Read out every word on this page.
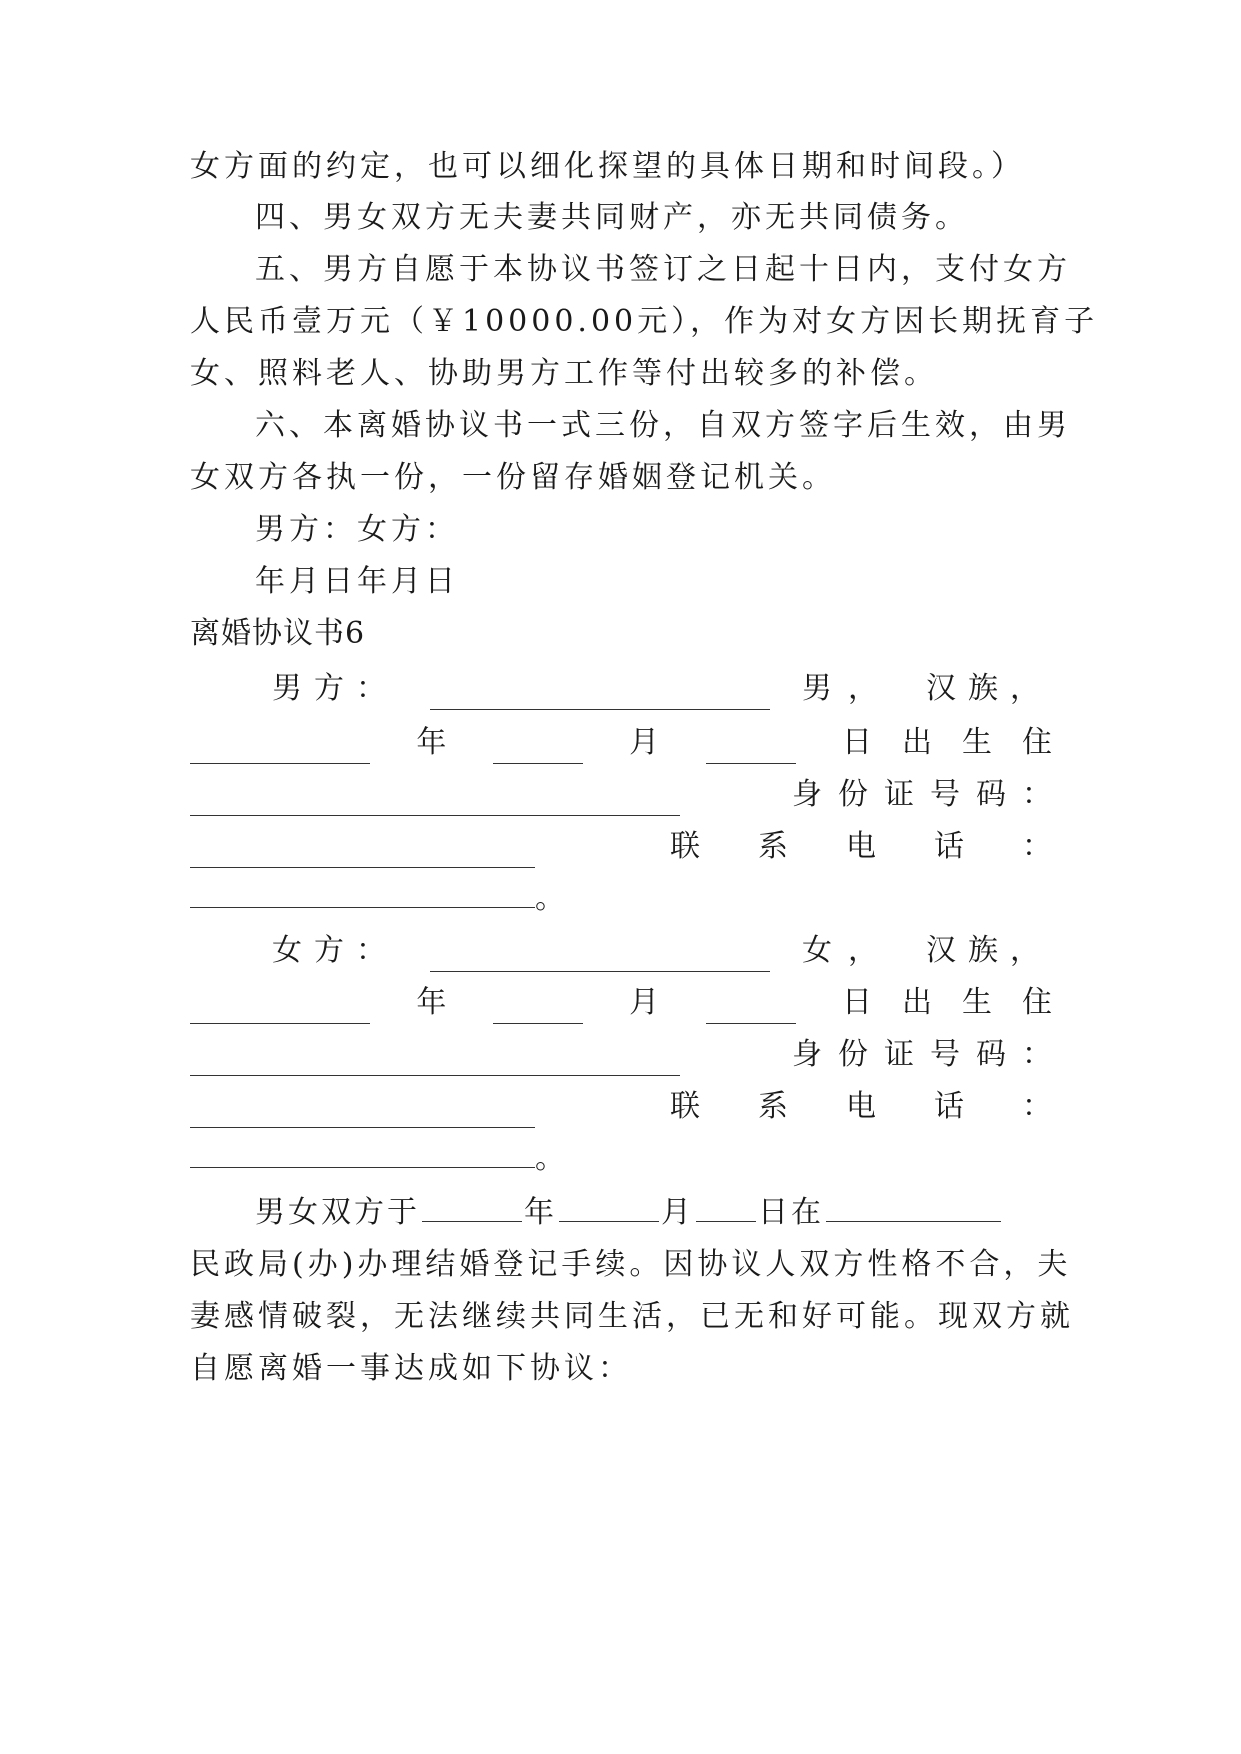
女方面的约定，也可以细化探望的具体日期和时间段。）
四、男女双方无夫妻共同财产，亦无共同债务。
五、男方自愿于本协议书签订之日起十日内，支付女方
人民币壹万元（￥10000.00元），作为对女方因长期抚育子
女、照料老人、协助男方工作等付出较多的补偿。
六、本离婚协议书一式三份，自双方签字后生效，由男
女双方各执一份，一份留存婚姻登记机关。
男方：女方：
年月日年月日
离婚协议书6
男方：	男， 汉族，
年	月	日出生住
身份证号码：
联系电话：
。
女方：	女， 汉族，
年	月	日出生住
身份证号码：
联系电话：
。
男女双方于	年	月 日在
民政局(办)办理结婚登记手续。因协议人双方性格不合，夫
妻感情破裂，无法继续共同生活，已无和好可能。现双方就
自愿离婚一事达成如下协议：
